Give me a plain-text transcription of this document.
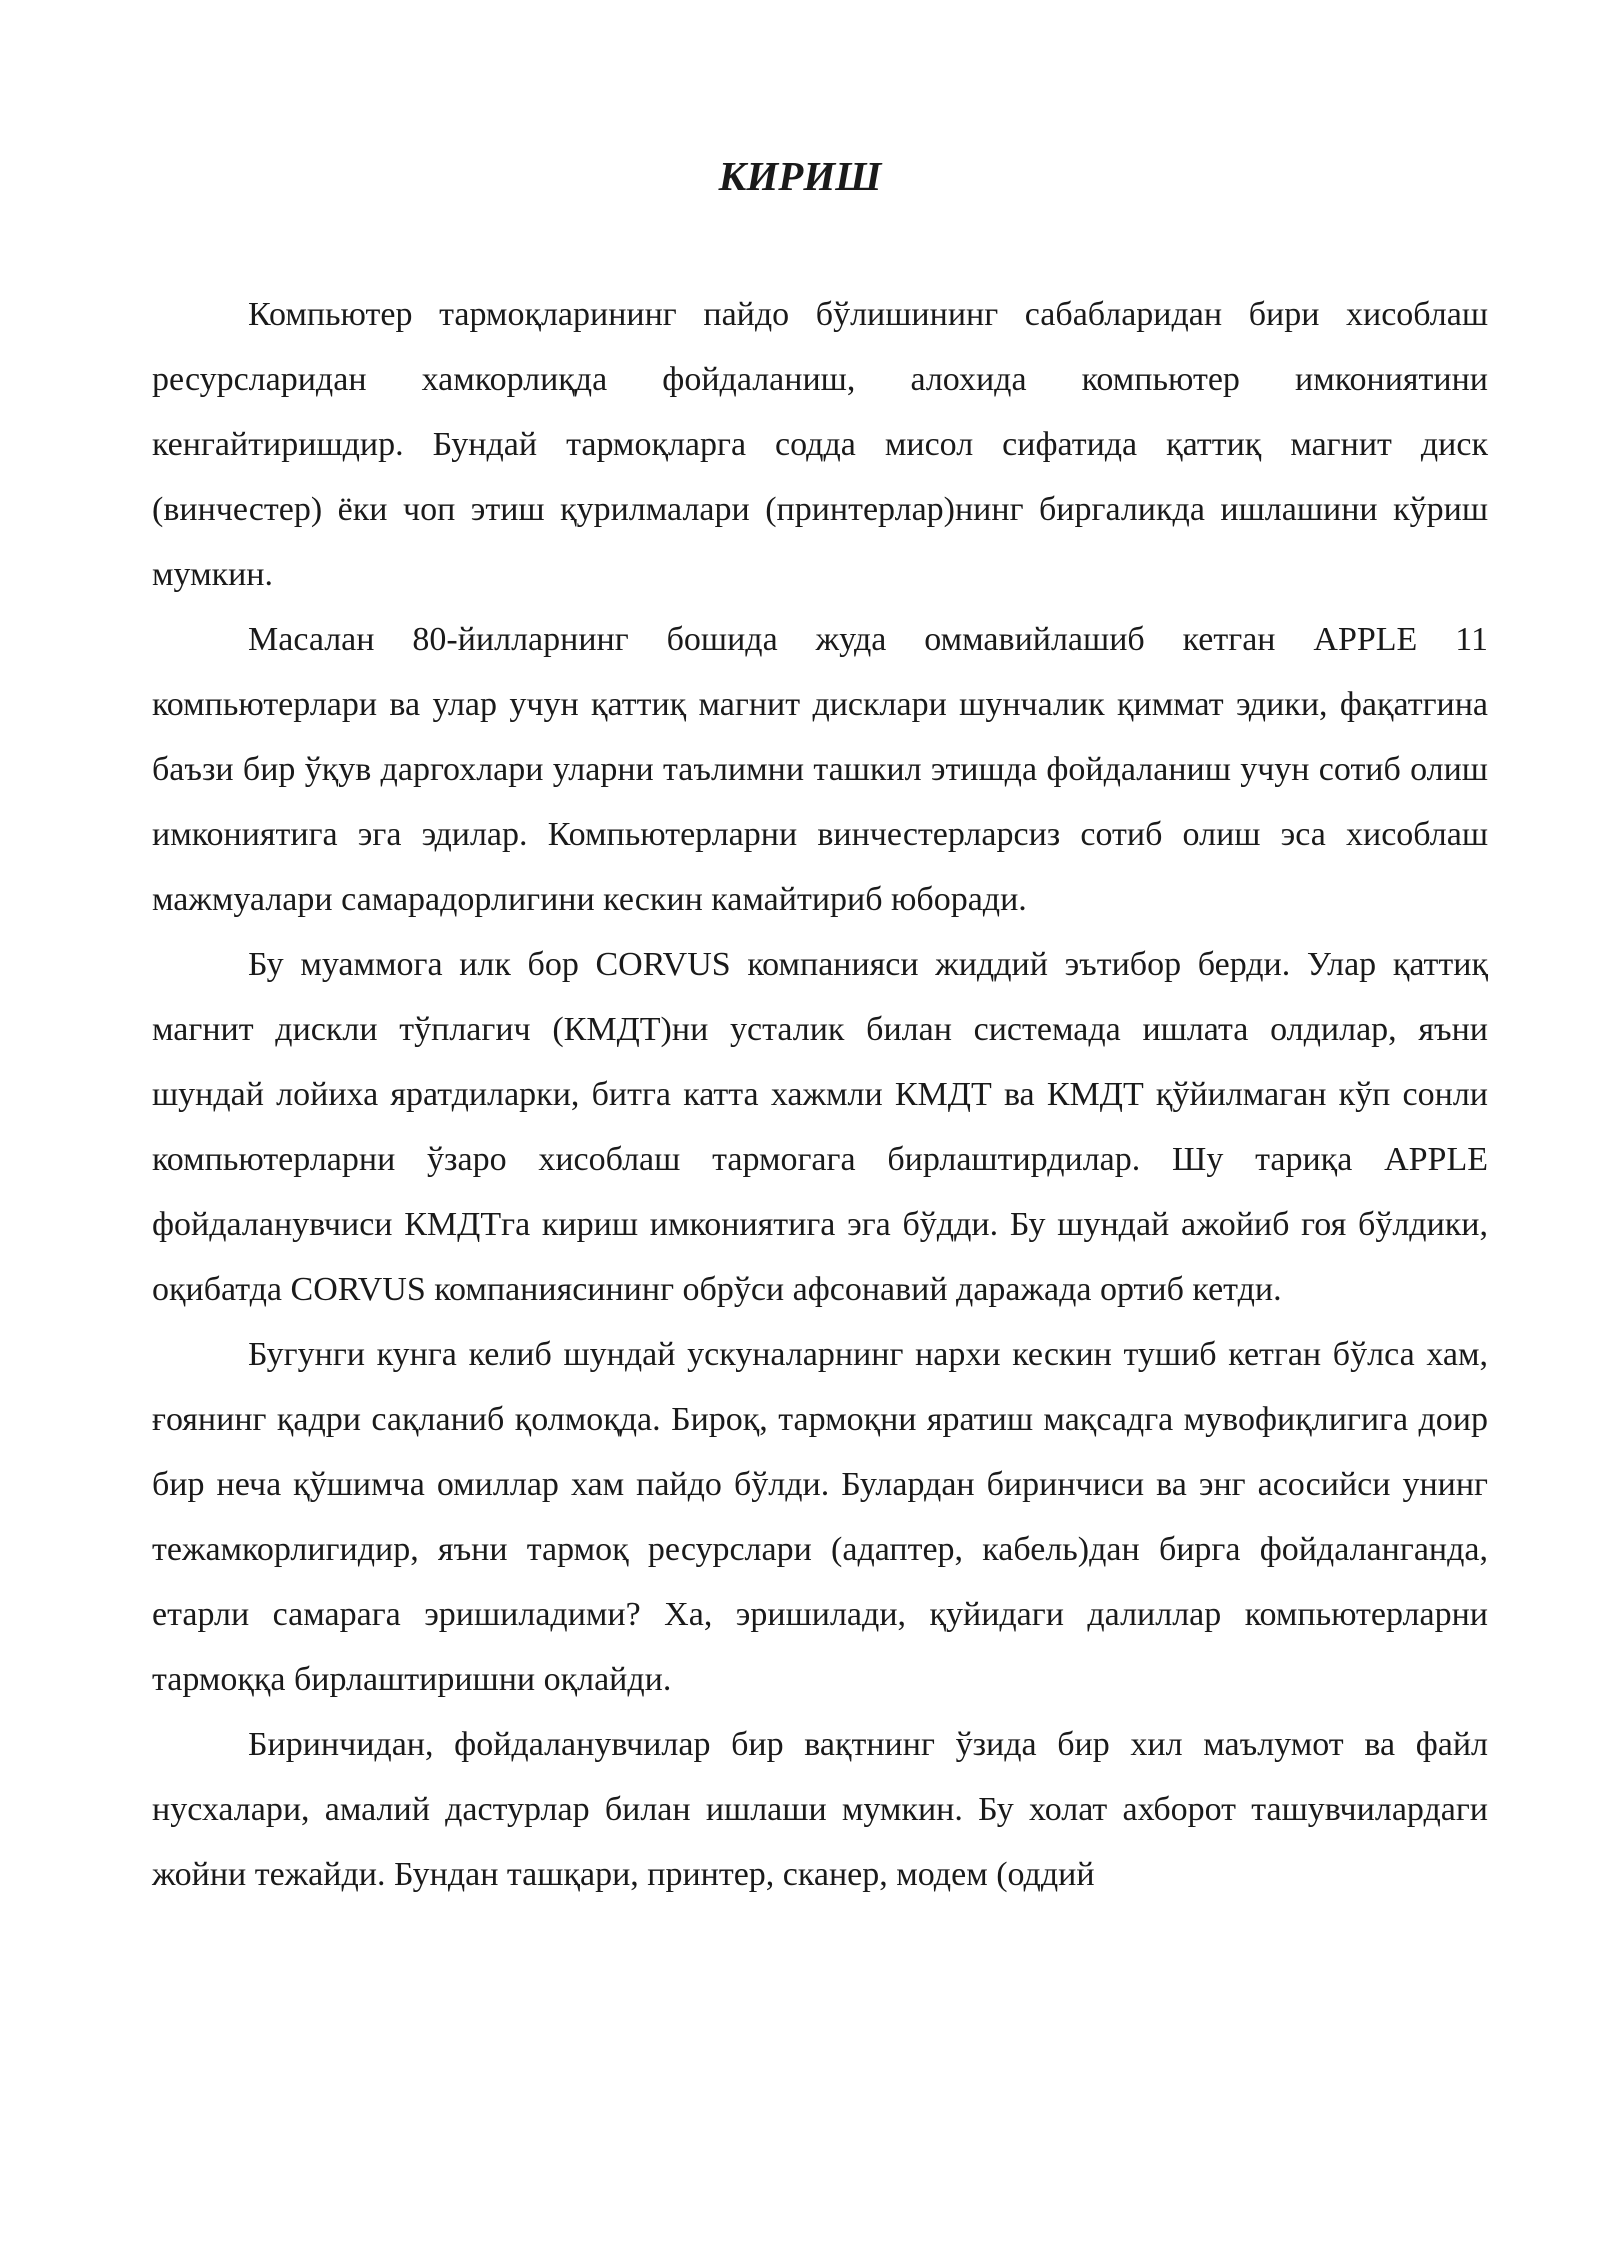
КИРИШ

Компьютер тармоқларининг пайдо бўлишининг сабабларидан бири хисоблаш ресурсларидан хамкорлиқда фойдаланиш, алохида компьютер имкониятини кенгайтиришдир. Бундай тармоқларга содда мисол сифатида қаттиқ магнит диск (винчестер) ёки чоп этиш қурилмалари (принтерлар)нинг биргаликда ишлашини кўриш мумкин.

Масалан 80-йилларнинг бошида жуда оммавийлашиб кетган APPLE 11 компьютерлари ва улар учун қаттиқ магнит дисклари шунчалик қиммат эдики, фақатгина баъзи бир ўқув даргохлари уларни таълимни ташкил этишда фойдаланиш учун сотиб олиш имкониятига эга эдилар. Компьютерларни винчестерларсиз сотиб олиш эса хисоблаш мажмуалари самарадорлигини кескин камайтириб юборади.

Бу муаммога илк бор CORVUS компанияси жиддий эътибор берди. Улар қаттиқ магнит дискли тўплагич (КМДТ)ни усталик билан системада ишлата олдилар, яъни шундай лойиха яратдиларки, битга катта хажмли КМДТ ва КМДТ қўйилмаган кўп сонли компьютерларни ўзаро хисоблаш тармогага бирлаштирдилар. Шу тариқа APPLE фойдаланувчиси КМДТга кириш имкониятига эга бўдди. Бу шундай ажойиб гоя бўлдики, оқибатда CORVUS компаниясининг обрўси афсонавий даражада ортиб кетди.

Бугунги кунга келиб шундай ускуналарнинг нархи кескин тушиб кетган бўлса хам, ғоянинг қадри сақланиб қолмоқда. Бироқ, тармоқни яратиш мақсадга мувофиқлигига доир бир неча қўшимча омиллар хам пайдо бўлди. Булардан биринчиси ва энг асосийси унинг тежамкорлигидир, яъни тармоқ ресурслари (адаптер, кабель)дан бирга фойдаланганда, етарли самарага эришиладими? Ха, эришилади, қуйидаги далиллар компьютерларни тармоққа бирлаштиришни оқлайди.

Биринчидан, фойдаланувчилар бир вақтнинг ўзида бир хил маълумот ва файл нусхалари, амалий дастурлар билан ишлаши мумкин. Бу холат ахборот ташувчилардаги жойни тежайди. Бундан ташқари, принтер, сканер, модем (оддий
